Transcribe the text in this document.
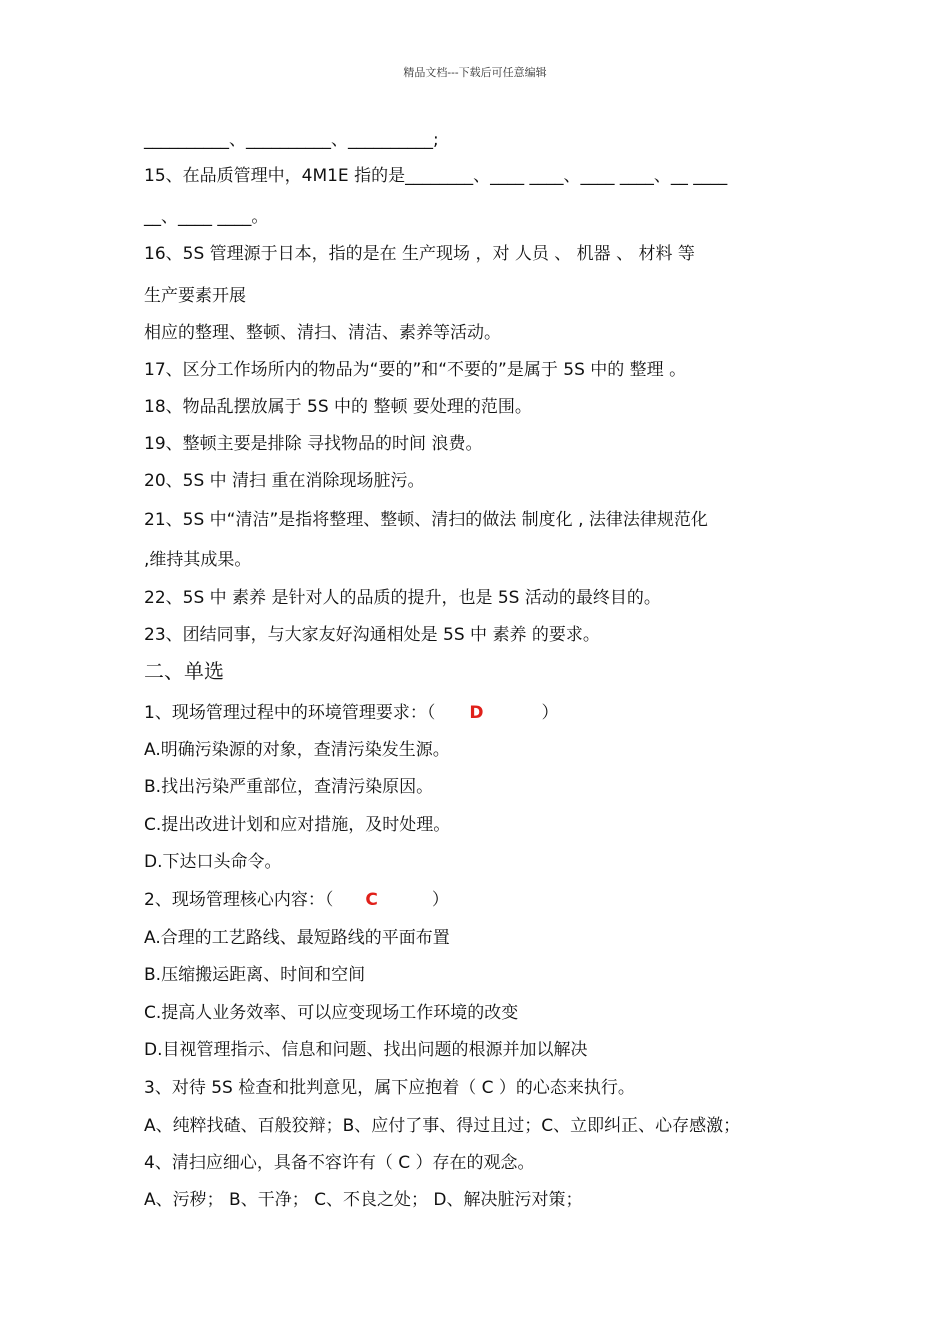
精品文档---下载后可任意编辑
__________、__________、__________;
15、在品质管理中，4M1E 指的是________、____ ____、____ ____、__ ____
__、____ ____。
16、5S 管理源于日本，指的是在 生产现场 ，对 人员 、 机器 、 材料 等
生产要素开展
相应的整理、整顿、清扫、清洁、素养等活动。
17、区分工作场所内的物品为“要的”和“不要的”是属于 5S 中的 整理 。
18、物品乱摆放属于 5S 中的 整顿 要处理的范围。
19、整顿主要是排除 寻找物品的时间 浪费。
20、5S 中 清扫 重在消除现场脏污。
21、5S 中“清洁”是指将整理、整顿、清扫的做法 制度化 , 法律法律规范化
,维持其成果。
22、5S 中 素养 是针对人的品质的提升，也是 5S 活动的最终目的。
23、团结同事，与大家友好沟通相处是 5S 中 素养 的要求。
二、单选
1、现场管理过程中的环境管理要求：（ D	）
A.明确污染源的对象，查清污染发生源。
B.找出污染严重部位，查清污染原因。
C.提出改进计划和应对措施，及时处理。
D.下达口头命令。
2、现场管理核心内容：（ C	）
A.合理的工艺路线、最短路线的平面布置
B.压缩搬运距离、时间和空间
C.提高人业务效率、可以应变现场工作环境的改变
D.目视管理指示、信息和问题、找出问题的根源并加以解决
3、对待 5S 检查和批判意见，属下应抱着（ C ）的心态来执行。
A、纯粹找碴、百般狡辩；B、应付了事、得过且过；C、立即纠正、心存感激；
4、清扫应细心，具备不容许有（ C ）存在的观念。
A、污秽； B、干净； C、不良之处； D、解决脏污对策；
